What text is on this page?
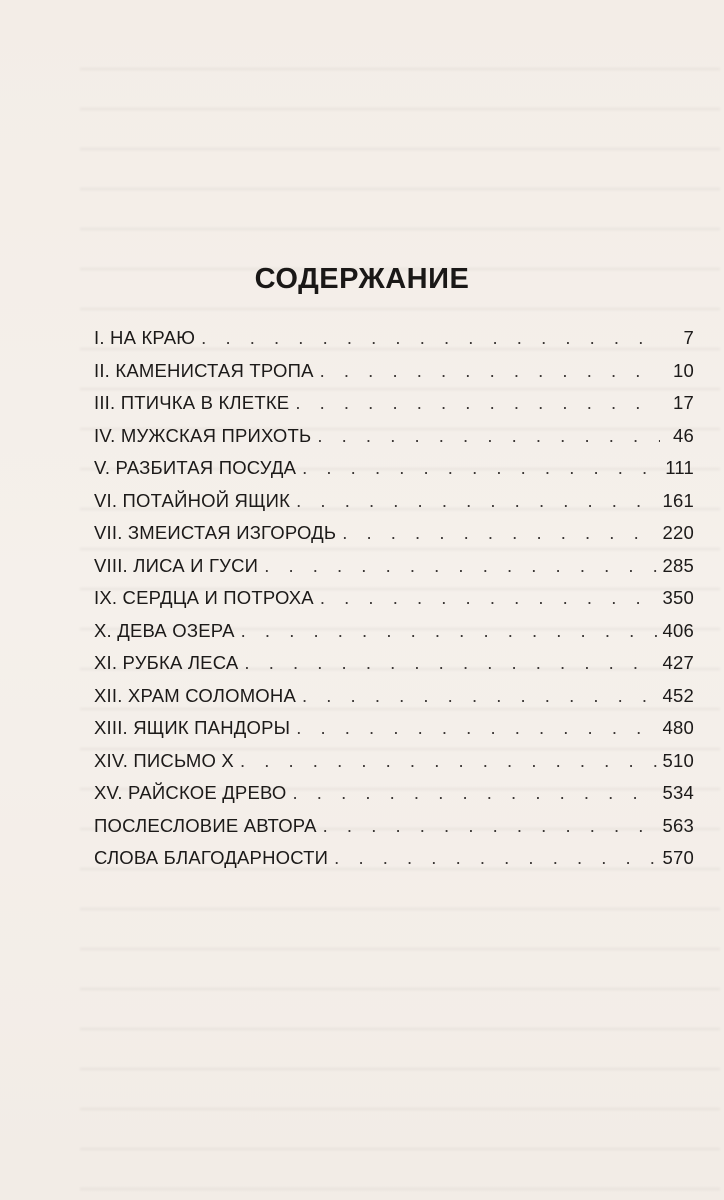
СОДЕРЖАНИЕ
I. НА КРАЮ . . .	7
II. КАМЕНИСТАЯ ТРОПА . . .	10
III. ПТИЧКА В КЛЕТКЕ . . .	17
IV. МУЖСКАЯ ПРИХОТЬ . . .	46
V. РАЗБИТАЯ ПОСУДА . . .	111
VI. ПОТАЙНОЙ ЯЩИК . . .	161
VII. ЗМЕИСТАЯ ИЗГОРОДЬ . . .	220
VIII. ЛИСА И ГУСИ . . .	285
IX. СЕРДЦА И ПОТРОХА . . .	350
X. ДЕВА ОЗЕРА . . .	406
XI. РУБКА ЛЕСА . . .	427
XII. ХРАМ СОЛОМОНА . . .	452
XIII. ЯЩИК ПАНДОРЫ . . .	480
XIV. ПИСЬМО X . . .	510
XV. РАЙСКОЕ ДРЕВО . . .	534
ПОСЛЕСЛОВИЕ АВТОРА . . .	563
СЛОВА БЛАГОДАРНОСТИ . . .	570
